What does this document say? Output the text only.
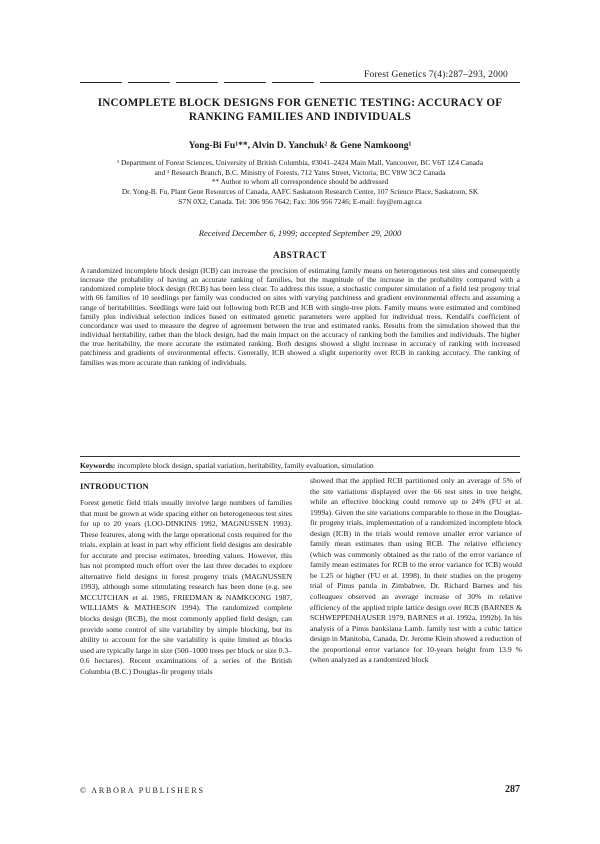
Forest Genetics 7(4):287–293, 2000
INCOMPLETE BLOCK DESIGNS FOR GENETIC TESTING: ACCURACY OF
RANKING FAMILIES AND INDIVIDUALS
Yong-Bi Fu¹**, Alvin D. Yanchuk² & Gene Namkoong¹

¹ Department of Forest Sciences, University of British Columbia, #3041–2424 Main Mall, Vancouver, BC V6T 1Z4 Canada

and ² Research Branch, B.C. Ministry of Forests, 712 Yates Street, Victoria, BC V8W 3C2 Canada

** Author to whom all correspondence should be addressed

Dr. Yong-B. Fu, Plant Gene Resources of Canada, AAFC Saskatoon Research Centre, 107 Science Place, Saskatoon, SK

S7N 0X2, Canada. Tel: 306 956 7642; Fax: 306 956 7246; E-mail: fuy@em.agr.ca

Received December 6, 1999; accepted September 29, 2000
ABSTRACT

A randomized incomplete block design (ICB) can increase the precision of estimating family means on heterogeneous test sites and consequently increase the probability of having an accurate ranking of families, but the magnitude of the increase in the probability compared with a randomized complete block design (RCB) has been less clear. To address this issue, a stochastic computer simulation of a field test progeny trial with 66 families of 10 seedlings per family was conducted on sites with varying patchiness and gradient environmental effects and assuming a range of heritabilities. Seedlings were laid out following both RCB and ICB with single-tree plots. Family means were estimated and combined family plus individual selection indices based on estimated genetic parameters were applied for individual trees. Kendall's coefficient of concordance was used to measure the degree of agreement between the true and estimated ranks. Results from the simulation showed that the individual heritability, rather than the block design, had the main impact on the accuracy of ranking both the families and individuals. The higher the true heritability, the more accurate the estimated ranking. Both designs showed a slight increase in accuracy of ranking with increased patchiness and gradients of environmental effects. Generally, ICB showed a slight superiority over RCB in ranking accuracy. The ranking of families was more accurate than ranking of individuals.

Keywords: incomplete block design, spatial variation, heritability, family evaluation, simulation

INTRODUCTION

Forest genetic field trials usually involve large numbers of families that must be grown at wide spacing either on heterogeneous test sites for up to 20 years (LOO-DINKINS 1992, MAGNUSSEN 1993). These features, along with the large operational costs required for the trials, explain at least in part why efficient field designs are desirable for accurate and precise estimates, breeding values. However, this has not prompted much effort over the last three decades to explore alternative field designs in forest progeny trials (MAGNUSSEN 1993), although some stimulating research has been done (e.g. see MCCUTCHAN et al. 1985, FRIEDMAN & NAMKOONG 1987, WILLIAMS & MATHESON 1994). The randomized complete blocks design (RCB), the most commonly applied field design, can provide some control of site variability by simple blocking, but its ability to account for the site variability is quite limited as blocks used are typically large in size (500–1000 trees per block or size 0.3–0.6 hectares). Recent examinations of a series of the British Columbia (B.C.) Douglas-fir progeny trials

showed that the applied RCB partitioned only an average of 5% of the site variations displayed over the 66 test sites in tree height, while an effective blocking could remove up to 24% (FU et al. 1999a). Given the site variations comparable to those in the Douglas-fir progeny trials, implementation of a randomized incomplete block design (ICB) in the trials would remove smaller error variance of family mean estimates than using RCB. The relative efficiency (which was commonly obtained as the ratio of the error variance of family mean estimates for RCB to the error variance for ICB) would be 1.25 or higher (FU et al. 1998). In their studies on the progeny trial of Pinus patula in Zimbabwe, Dr. Richard Barnes and his colleagues observed an average increase of 30% in relative efficiency of the applied triple lattice design over RCB (BARNES & SCHWEPPENHAUSER 1979, BARNES et al. 1992a, 1992b). In his analysis of a Pinus banksiana Lamb. family test with a cubic lattice design in Manitoba, Canada, Dr. Jerome Klein showed a reduction of the proportional error variance for 10-years height from 13.9 % (when analyzed as a randomized block

© ARBORA PUBLISHERS	287
